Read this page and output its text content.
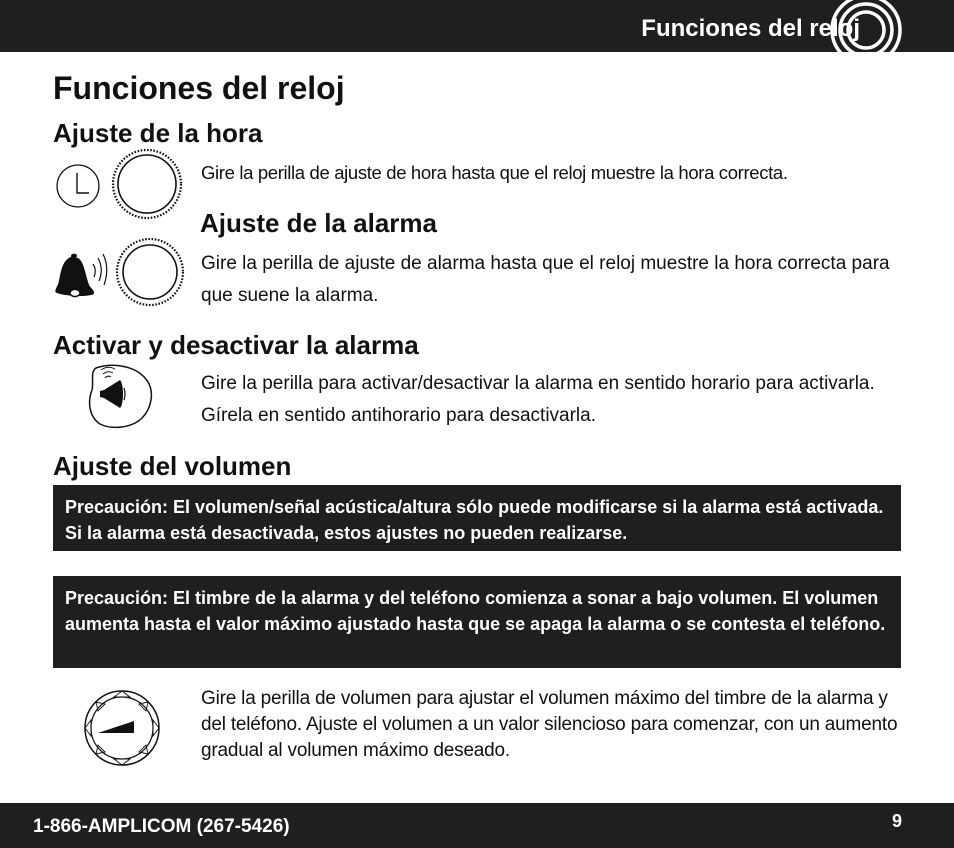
Funciones del reloj
Funciones del reloj
Ajuste de la hora

Gire la perilla de ajuste de hora hasta que el reloj muestre la hora correcta.

Ajuste de la alarma

Gire la perilla de ajuste de alarma hasta que el reloj muestre la hora correcta para que suene la alarma.

Activar y desactivar la alarma

Gire la perilla para activar/desactivar la alarma en sentido horario para activarla. Gírela en sentido antihorario para desactivarla.

Ajuste del volumen
Precaución: El volumen/señal acústica/altura sólo puede modificarse si la alarma está activada. Si la alarma está desactivada, estos ajustes no pueden realizarse.
Precaución: El timbre de la alarma y del teléfono comienza a sonar a bajo volumen. El volumen aumenta hasta el valor máximo ajustado hasta que se apaga la alarma o se contesta el teléfono.

Gire la perilla de volumen para ajustar el volumen máximo del timbre de la alarma y del teléfono. Ajuste el volumen a un valor silencioso para comenzar, con un aumento gradual al volumen máximo deseado.

1-866-AMPLICOM (267-5426)	9
